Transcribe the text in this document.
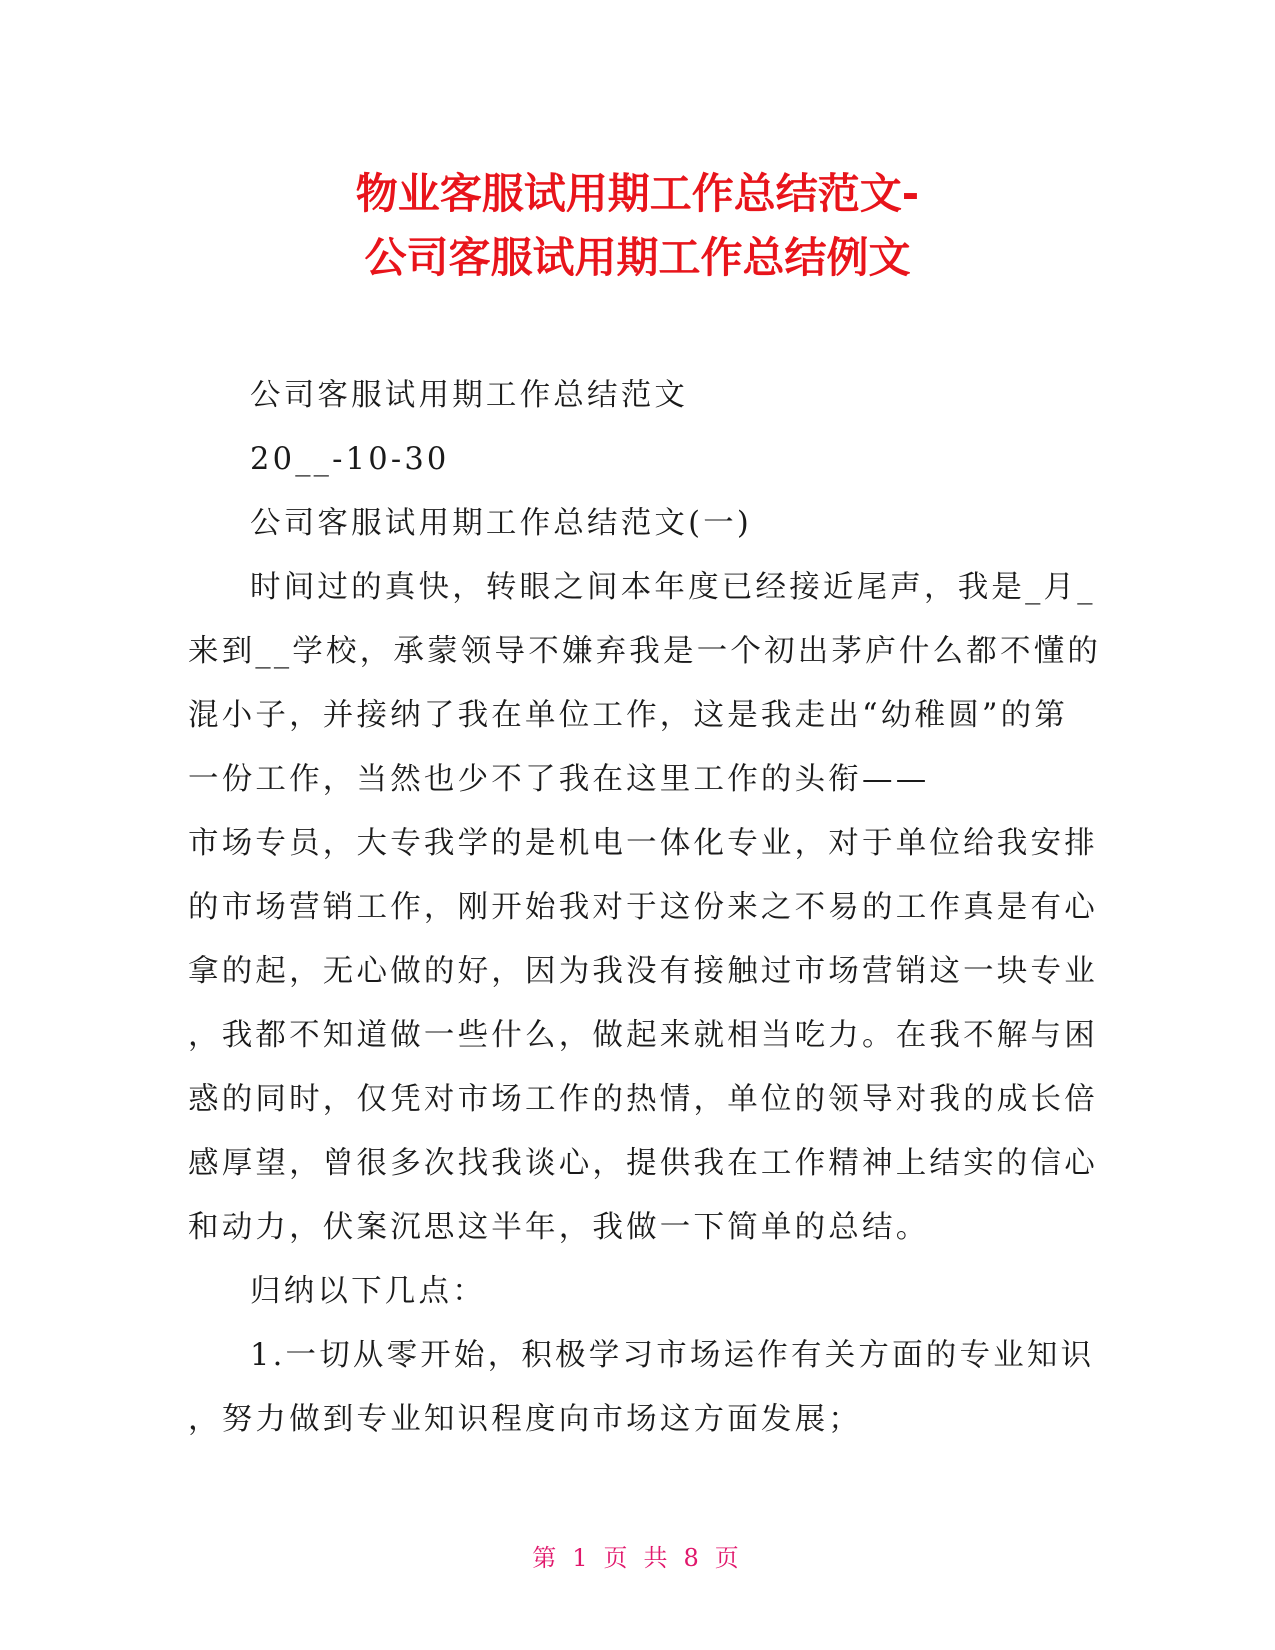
物业客服试用期工作总结范文-
公司客服试用期工作总结例文
公司客服试用期工作总结范文
20__-10-30
公司客服试用期工作总结范文(一)
时间过的真快，转眼之间本年度已经接近尾声，我是_月_
来到__学校，承蒙领导不嫌弃我是一个初出茅庐什么都不懂的
混小子，并接纳了我在单位工作，这是我走出“幼稚圆”的第
一份工作，当然也少不了我在这里工作的头衔——
市场专员，大专我学的是机电一体化专业，对于单位给我安排
的市场营销工作，刚开始我对于这份来之不易的工作真是有心
拿的起，无心做的好，因为我没有接触过市场营销这一块专业
，我都不知道做一些什么，做起来就相当吃力。在我不解与困
惑的同时，仅凭对市场工作的热情，单位的领导对我的成长倍
感厚望，曾很多次找我谈心，提供我在工作精神上结实的信心
和动力，伏案沉思这半年，我做一下简单的总结。
归纳以下几点：
1.一切从零开始，积极学习市场运作有关方面的专业知识
，努力做到专业知识程度向市场这方面发展；
第 1 页 共 8 页
